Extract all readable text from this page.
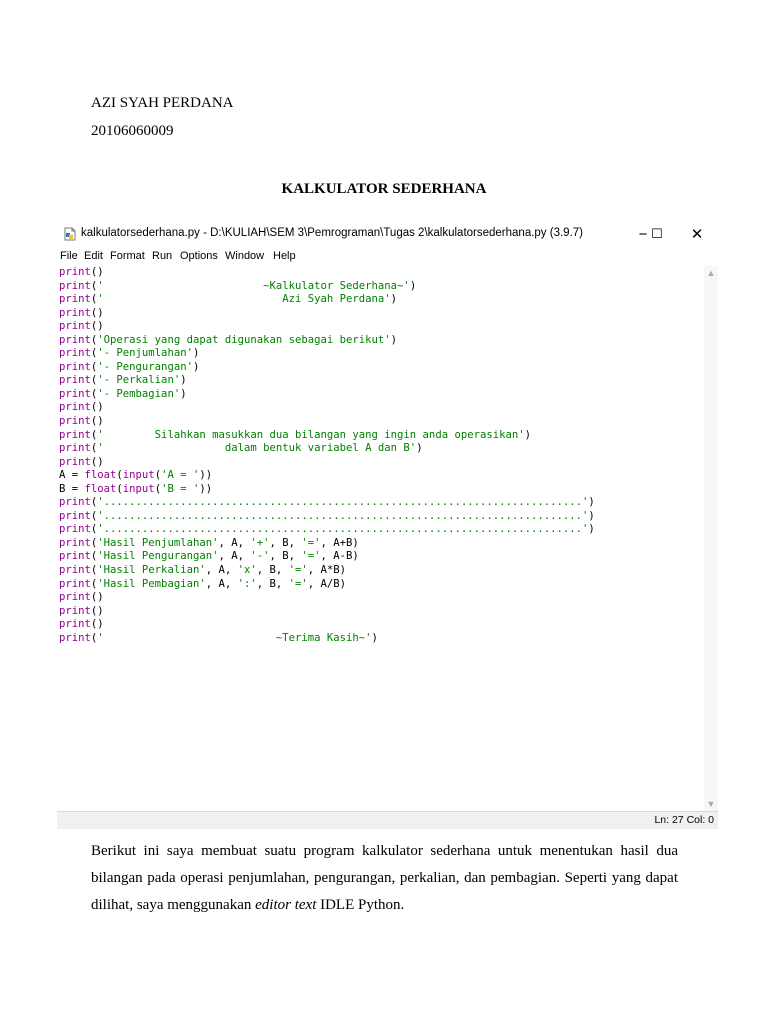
AZI SYAH PERDANA
20106060009
KALKULATOR SEDERHANA
kalkulatorsederhana.py - D:\KULIAH\SEM 3\Pemrograman\Tugas 2\kalkulatorsederhana.py (3.9.7)	− ☐	✕
File Edit Format Run Options Window Help
print()
print('                         ~Kalkulator Sederhana~')
print('                            Azi Syah Perdana')
print()
print()
print('Operasi yang dapat digunakan sebagai berikut')
print('- Penjumlahan')
print('- Pengurangan')
print('- Perkalian')
print('- Pembagian')
print()
print()
print('        Silahkan masukkan dua bilangan yang ingin anda operasikan')
print('                   dalam bentuk variabel A dan B')
print()
A = float(input('A = '))
B = float(input('B = '))
print('...........................................................................')
print('...........................................................................')
print('...........................................................................')
print('Hasil Penjumlahan', A, '+', B, '=', A+B)
print('Hasil Pengurangan', A, '-', B, '=', A-B)
print('Hasil Perkalian', A, 'x', B, '=', A*B)
print('Hasil Pembagian', A, ':', B, '=', A/B)
print()
print()
print()
print('                           ~Terima Kasih~')
▲
▼
Ln: 27 Col: 0
Berikut ini saya membuat suatu program kalkulator sederhana untuk menentukan hasil dua bilangan pada operasi penjumlahan, pengurangan, perkalian, dan pembagian. Seperti yang dapat dilihat, saya menggunakan editor text IDLE Python.
